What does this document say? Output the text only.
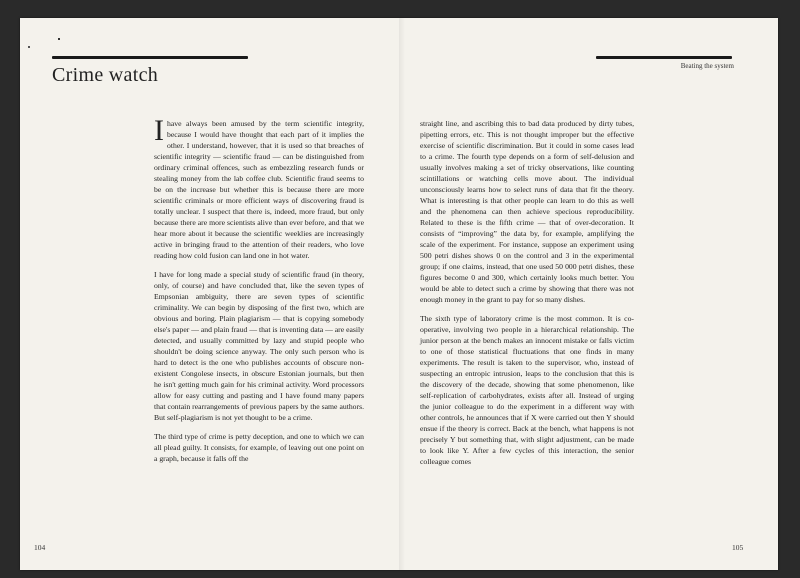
Crime watch	Beating the system

Ihave always been amused by the term scientific integrity, because I would have thought that each part of it implies the other. I understand, however, that it is used so that breaches of scientific integrity — scientific fraud — can be distinguished from ordinary criminal offences, such as embezzling research funds or stealing money from the lab coffee club. Scientific fraud seems to be on the increase but whether this is because there are more scientific criminals or more efficient ways of discovering fraud is totally unclear. I suspect that there is, indeed, more fraud, but only because there are more scientists alive than ever before, and that we hear more about it because the scientific weeklies are increasingly active in bringing fraud to the attention of their readers, who love reading how cold fusion can land one in hot water.

I have for long made a special study of scientific fraud (in theory, only, of course) and have concluded that, like the seven types of Empsonian ambiguity, there are seven types of scientific criminality. We can begin by disposing of the first two, which are obvious and boring. Plain plagiarism — that is copying somebody else's paper — and plain fraud — that is inventing data — are easily detected, and usually committed by lazy and stupid people who shouldn't be doing science anyway. The only such person who is hard to detect is the one who publishes accounts of obscure non-existent Congolese insects, in obscure Estonian journals, but then he isn't getting much gain for his criminal activity. Word processors allow for easy cutting and pasting and I have found many papers that contain rearrangements of previous papers by the same authors. But self-plagiarism is not yet thought to be a crime.

The third type of crime is petty deception, and one to which we can all plead guilty. It consists, for example, of leaving out one point on a graph, because it falls off the

straight line, and ascribing this to bad data produced by dirty tubes, pipetting errors, etc. This is not thought improper but the effective exercise of scientific discrimination. But it could in some cases lead to a crime. The fourth type depends on a form of self-delusion and usually involves making a set of tricky observations, like counting scintillations or watching cells move about. The individual unconsciously learns how to select runs of data that fit the theory. What is interesting is that other people can learn to do this as well and the phenomena can then achieve specious reproducibility. Related to these is the fifth crime — that of over-decoration. It consists of “improving” the data by, for example, amplifying the scale of the experiment. For instance, suppose an experiment using 500 petri dishes shows 0 on the control and 3 in the experimental group; if one claims, instead, that one used 50 000 petri dishes, these figures become 0 and 300, which certainly looks much better. You would be able to detect such a crime by showing that there was not enough money in the grant to pay for so many dishes.

The sixth type of laboratory crime is the most common. It is co-operative, involving two people in a hierarchical relationship. The junior person at the bench makes an innocent mistake or falls victim to one of those statistical fluctuations that one finds in many experiments. The result is taken to the supervisor, who, instead of suspecting an entropic intrusion, leaps to the conclusion that this is the discovery of the decade, showing that some phenomenon, like self-replication of carbohydrates, exists after all. Instead of urging the junior colleague to do the experiment in a different way with other controls, he announces that if X were carried out then Y should ensue if the theory is correct. Back at the bench, what happens is not precisely Y but something that, with slight adjustment, can be made to look like Y. After a few cycles of this interaction, the senior colleague comes

104	105
